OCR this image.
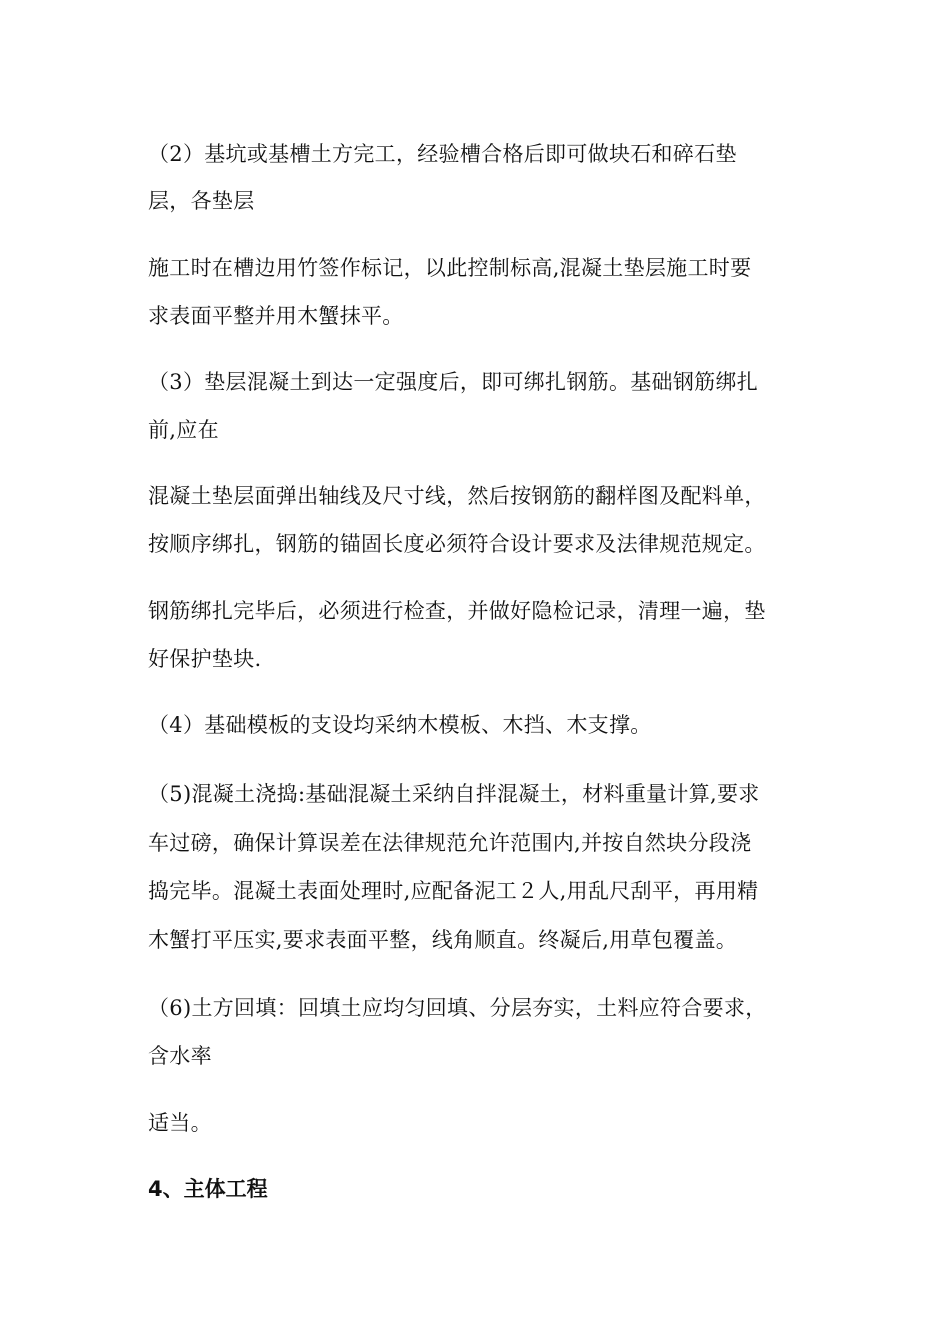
（2）基坑或基槽土方完工，经验槽合格后即可做块石和碎石垫
层，各垫层
施工时在槽边用竹签作标记，以此控制标高,混凝土垫层施工时要
求表面平整并用木蟹抹平。
（3）垫层混凝土到达一定强度后，即可绑扎钢筋。基础钢筋绑扎
前,应在
混凝土垫层面弹出轴线及尺寸线，然后按钢筋的翻样图及配料单，
按顺序绑扎，钢筋的锚固长度必须符合设计要求及法律规范规定。
钢筋绑扎完毕后，必须进行检查，并做好隐检记录，清理一遍，垫
好保护垫块.
（4）基础模板的支设均采纳木模板、木挡、木支撑。
（5)混凝土浇捣:基础混凝土采纳自拌混凝土，材料重量计算,要求
车过磅，确保计算误差在法律规范允许范围内,并按自然块分段浇
捣完毕。混凝土表面处理时,应配备泥工２人,用乱尺刮平，再用精
木蟹打平压实,要求表面平整，线角顺直。终凝后,用草包覆盖。
（6)土方回填：回填土应均匀回填、分层夯实，土料应符合要求，
含水率
适当。
4、主体工程
